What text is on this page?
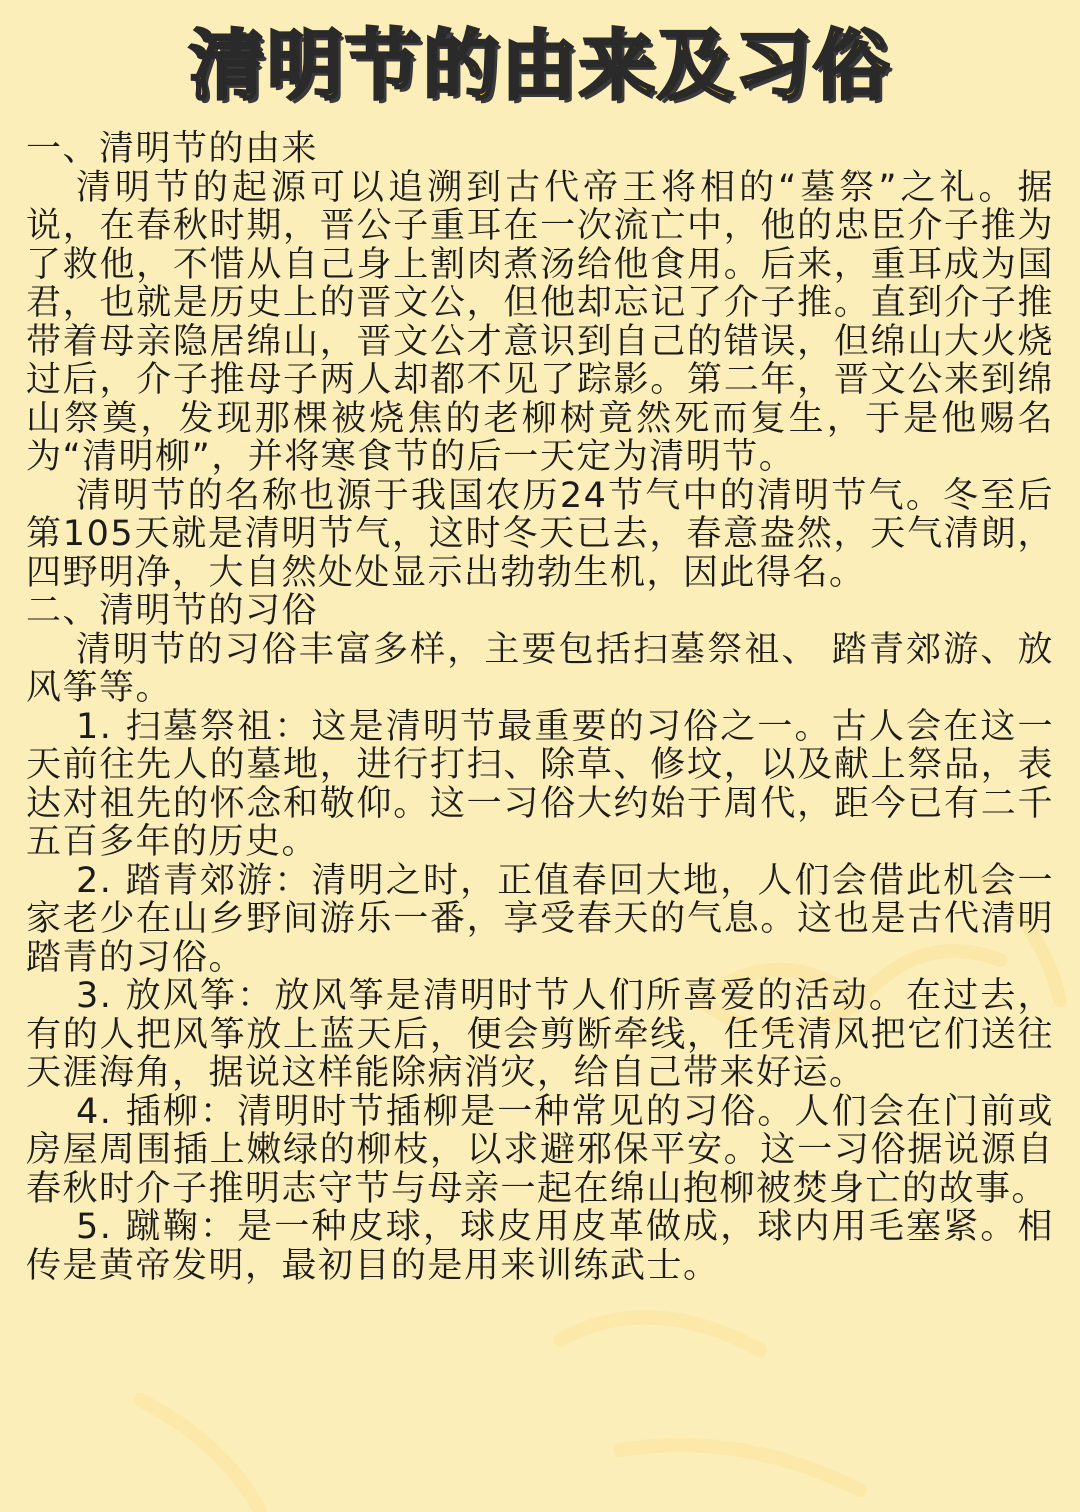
清明节的由来及习俗

一、清明节的由来

清明节的起源可以追溯到古代帝王将相的“墓祭”之礼。据说，在春秋时期，晋公子重耳在一次流亡中，他的忠臣介子推为了救他，不惜从自己身上割肉煮汤给他食用。后来，重耳成为国君，也就是历史上的晋文公，但他却忘记了介子推。直到介子推带着母亲隐居绵山，晋文公才意识到自己的错误，但绵山大火烧过后，介子推母子两人却都不见了踪影。第二年，晋文公来到绵山祭奠，发现那棵被烧焦的老柳树竟然死而复生，于是他赐名为“清明柳”，并将寒食节的后一天定为清明节。

清明节的名称也源于我国农历24节气中的清明节气。冬至后第105天就是清明节气，这时冬天已去，春意盎然，天气清朗，四野明净，大自然处处显示出勃勃生机，因此得名。

二、清明节的习俗

清明节的习俗丰富多样，主要包括扫墓祭祖、 踏青郊游、放风筝等。

1. 扫墓祭祖：这是清明节最重要的习俗之一。古人会在这一天前往先人的墓地，进行打扫、除草、修坟，以及献上祭品，表达对祖先的怀念和敬仰。这一习俗大约始于周代，距今已有二千五百多年的历史。

2. 踏青郊游：清明之时，正值春回大地，人们会借此机会一家老少在山乡野间游乐一番，享受春天的气息。这也是古代清明踏青的习俗。

3. 放风筝：放风筝是清明时节人们所喜爱的活动。在过去，有的人把风筝放上蓝天后，便会剪断牵线，任凭清风把它们送往天涯海角，据说这样能除病消灾，给自己带来好运。

4. 插柳：清明时节插柳是一种常见的习俗。人们会在门前或房屋周围插上嫩绿的柳枝，以求避邪保平安。这一习俗据说源自春秋时介子推明志守节与母亲一起在绵山抱柳被焚身亡的故事。

5. 蹴鞠：是一种皮球，球皮用皮革做成，球内用毛塞紧。相传是黄帝发明，最初目的是用来训练武士。
